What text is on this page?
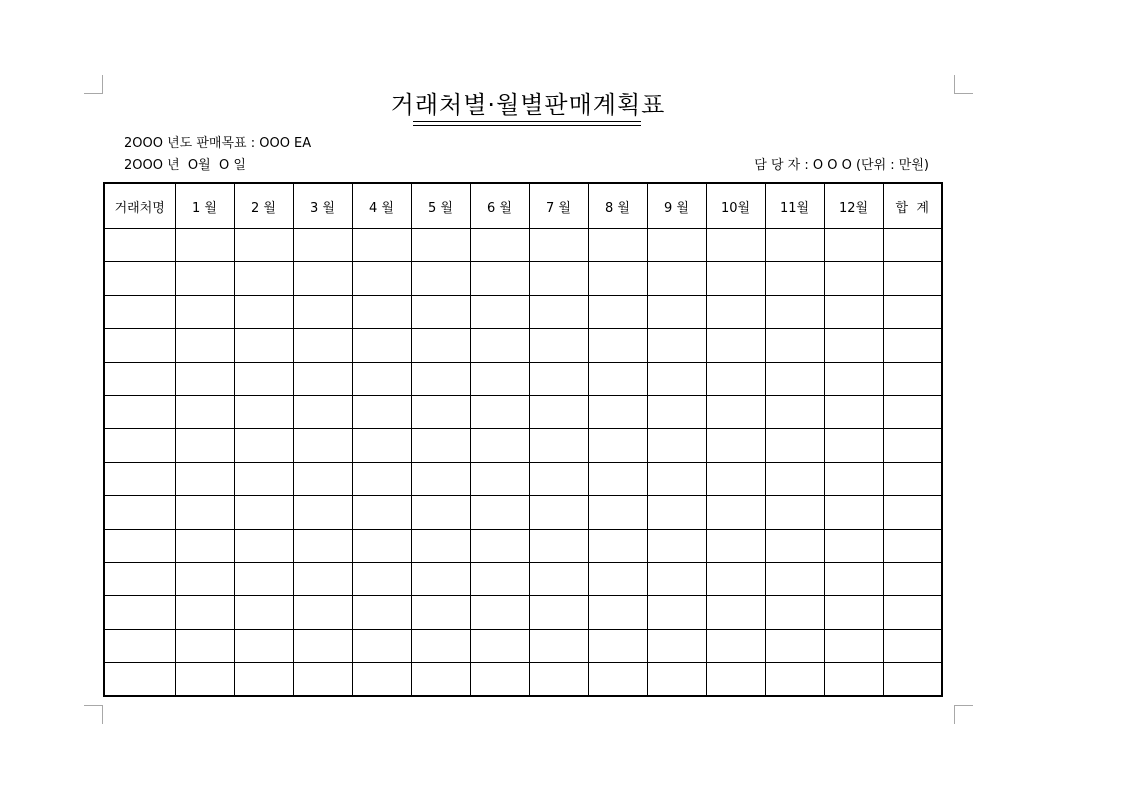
거래처별·월별판매계획표
2OOO 년도 판매목표 : OOO EA
2OOO 년  O월  O 일	담 당 자 : O O O (단위 : 만원)
거래처명	1 월	2 월	3 월	4 월	5 월	6 월	7 월	8 월	9 월	10월	11월	12월	합  계
